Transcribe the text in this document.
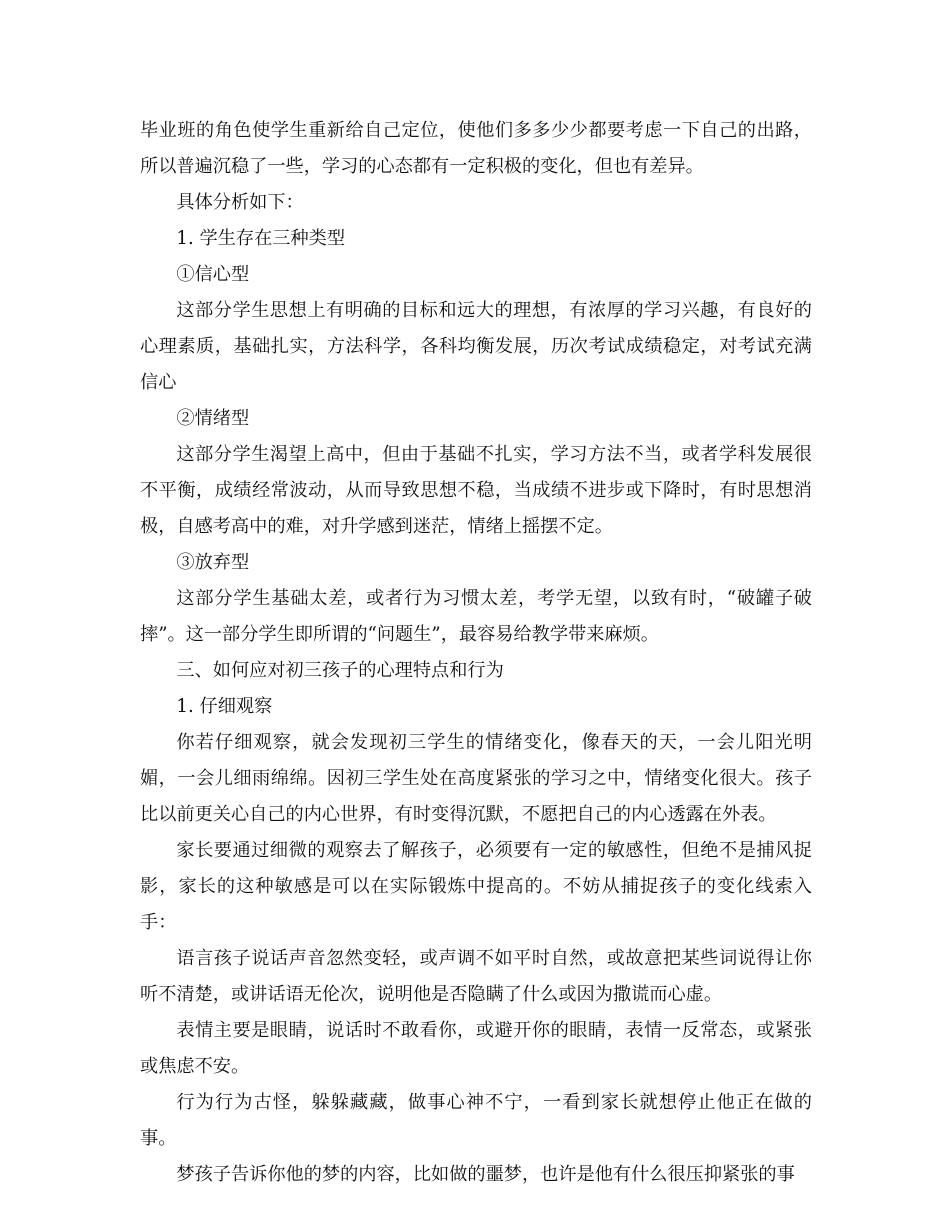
毕业班的角色使学生重新给自己定位，使他们多多少少都要考虑一下自己的出路，所以普遍沉稳了一些，学习的心态都有一定积极的变化，但也有差异。

具体分析如下：

1. 学生存在三种类型

①信心型

这部分学生思想上有明确的目标和远大的理想，有浓厚的学习兴趣，有良好的心理素质，基础扎实，方法科学，各科均衡发展，历次考试成绩稳定，对考试充满信心

②情绪型

这部分学生渴望上高中，但由于基础不扎实，学习方法不当，或者学科发展很不平衡，成绩经常波动，从而导致思想不稳，当成绩不进步或下降时，有时思想消极，自感考高中的难，对升学感到迷茫，情绪上摇摆不定。

③放弃型

这部分学生基础太差，或者行为习惯太差，考学无望，以致有时，“破罐子破摔”。这一部分学生即所谓的“问题生”，最容易给教学带来麻烦。

三、如何应对初三孩子的心理特点和行为

1. 仔细观察

你若仔细观察，就会发现初三学生的情绪变化，像春天的天，一会儿阳光明媚，一会儿细雨绵绵。因初三学生处在高度紧张的学习之中，情绪变化很大。孩子比以前更关心自己的内心世界，有时变得沉默，不愿把自己的内心透露在外表。

家长要通过细微的观察去了解孩子，必须要有一定的敏感性，但绝不是捕风捉影，家长的这种敏感是可以在实际锻炼中提高的。不妨从捕捉孩子的变化线索入手：

语言孩子说话声音忽然变轻，或声调不如平时自然，或故意把某些词说得让你听不清楚，或讲话语无伦次，说明他是否隐瞒了什么或因为撒谎而心虚。

表情主要是眼睛，说话时不敢看你，或避开你的眼睛，表情一反常态，或紧张或焦虑不安。

行为行为古怪，躲躲藏藏，做事心神不宁，一看到家长就想停止他正在做的事。

梦孩子告诉你他的梦的内容，比如做的噩梦，也许是他有什么很压抑紧张的事
